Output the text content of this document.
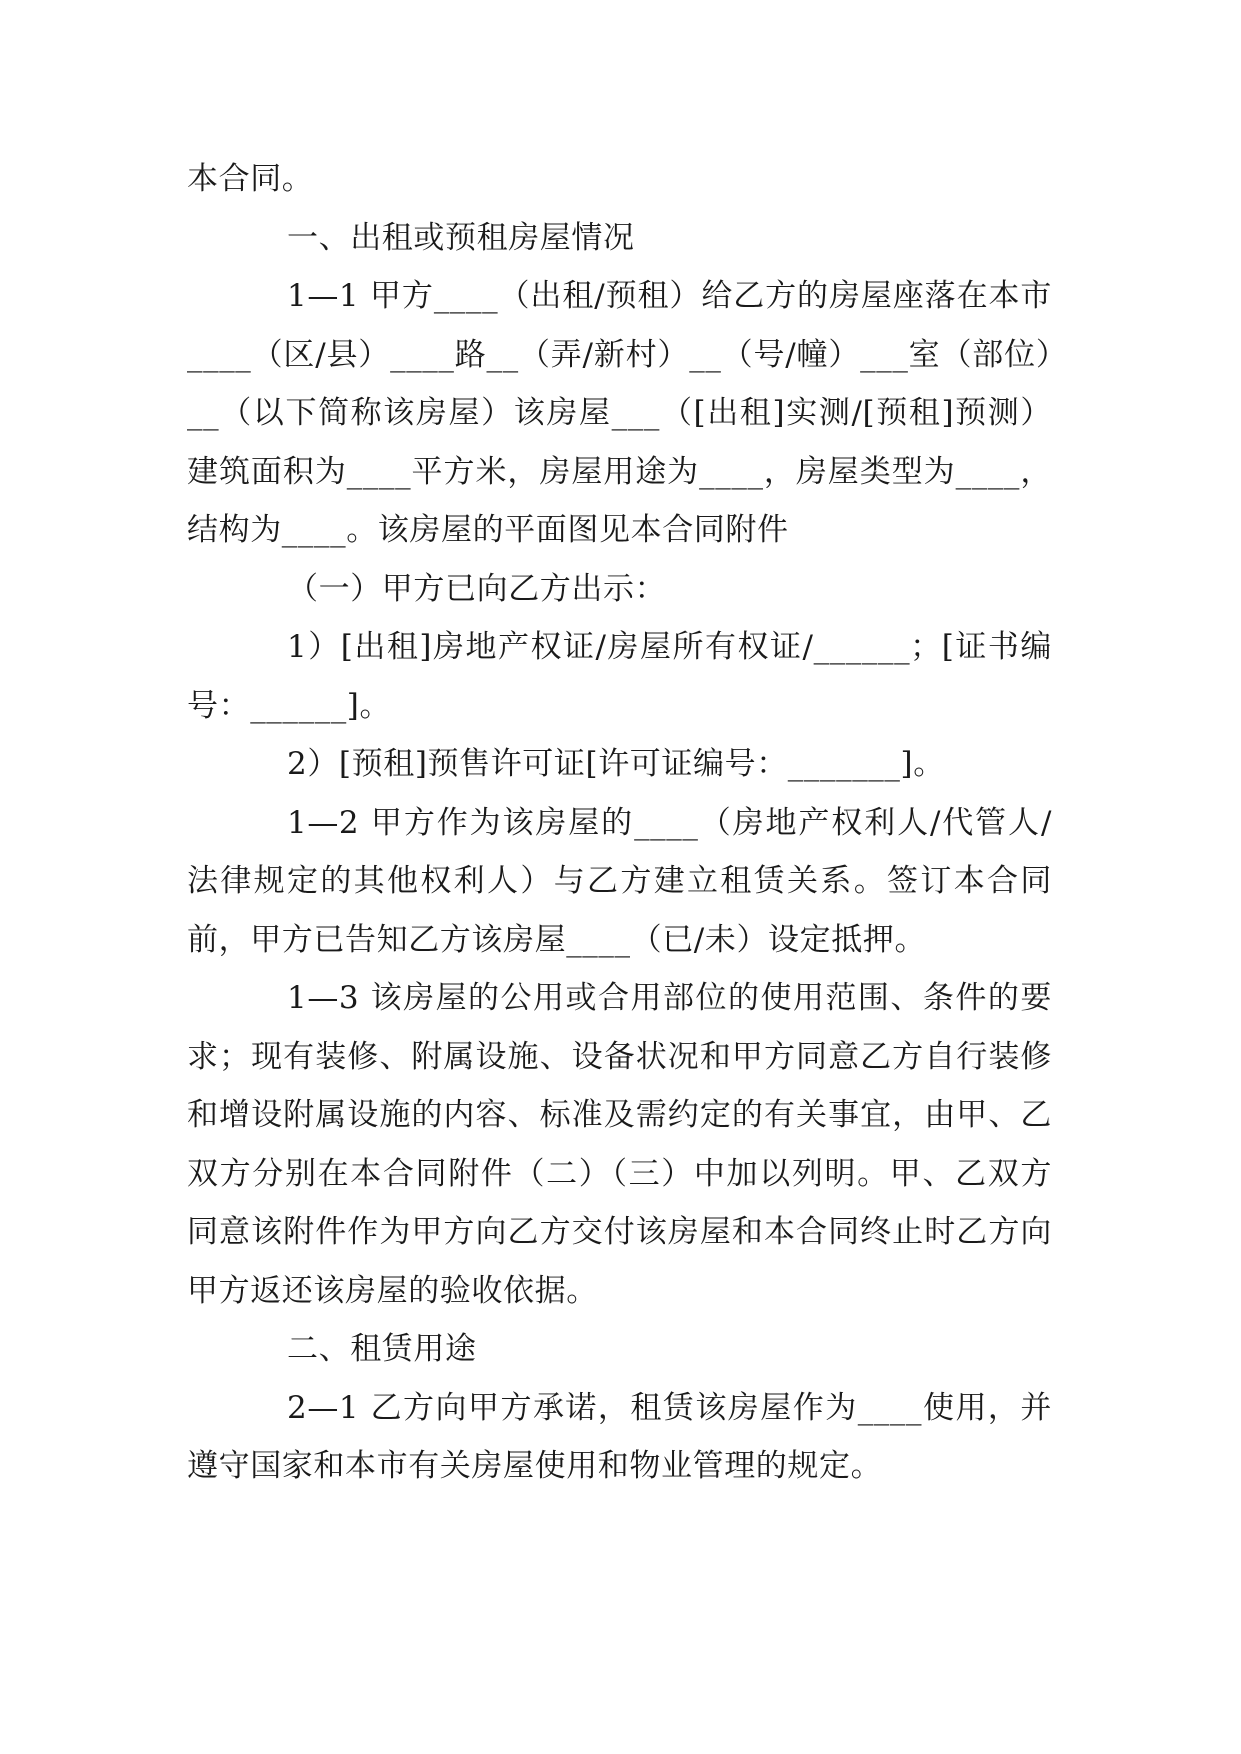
本合同。

一、出租或预租房屋情况

1—1 甲方____（出租/预租）给乙方的房屋座落在本市____（区/县）____路__（弄/新村）__（号/幢）___室（部位）__（以下简称该房屋）该房屋___（[出租]实测/[预租]预测）建筑面积为____平方米，房屋用途为____，房屋类型为____，结构为____。该房屋的平面图见本合同附件

（一）甲方已向乙方出示：

1）[出租]房地产权证/房屋所有权证/______；[证书编号：______]。

2）[预租]预售许可证[许可证编号：_______]。

1—2 甲方作为该房屋的____（房地产权利人/代管人/法律规定的其他权利人）与乙方建立租赁关系。签订本合同前，甲方已告知乙方该房屋____（已/未）设定抵押。

1—3 该房屋的公用或合用部位的使用范围、条件的要求；现有装修、附属设施、设备状况和甲方同意乙方自行装修和增设附属设施的内容、标准及需约定的有关事宜，由甲、乙双方分别在本合同附件（二）（三）中加以列明。甲、乙双方同意该附件作为甲方向乙方交付该房屋和本合同终止时乙方向甲方返还该房屋的验收依据。

二、租赁用途

2—1 乙方向甲方承诺，租赁该房屋作为____使用，并遵守国家和本市有关房屋使用和物业管理的规定。
